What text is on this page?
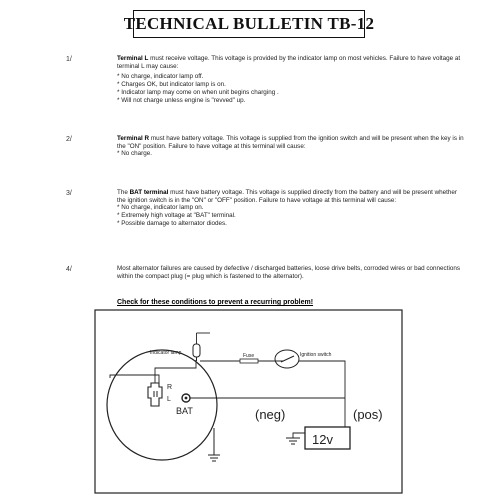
TECHNICAL BULLETIN TB-12
1/	Terminal L must receive voltage. This voltage is provided by the indicator lamp on most vehicles. Failure to have voltage at terminal L may cause:

* No charge, indicator lamp off.
* Charges OK, but indicator lamp is on.
* Indicator lamp may come on when unit begins charging .
* Will not charge unless engine is "revved" up.
2/	Terminal R must have battery voltage. This voltage is supplied from the ignition switch and will be present when the key is in the "ON" position. Failure to have voltage at this terminal will cause:

* No charge.
3/	The BAT terminal must have battery voltage. This voltage is supplied directly from the battery and will be present whether the ignition switch is in the "ON" or "OFF" position. Failure to have voltage at this terminal will cause:

* No charge, indicator lamp on.
* Extremely high voltage at "BAT" terminal.
* Possible damage to alternator diodes.
4/	Most alternator failures are caused by defective / discharged batteries, loose drive belts, corroded wires or bad connections within the compact plug (= plug which is fastened to the alternator).

Check for these conditions to prevent a recurring problem!
R
L
BAT
Indicator lamp	Fuse	Ignition switch
(neg)	(pos)
12v
